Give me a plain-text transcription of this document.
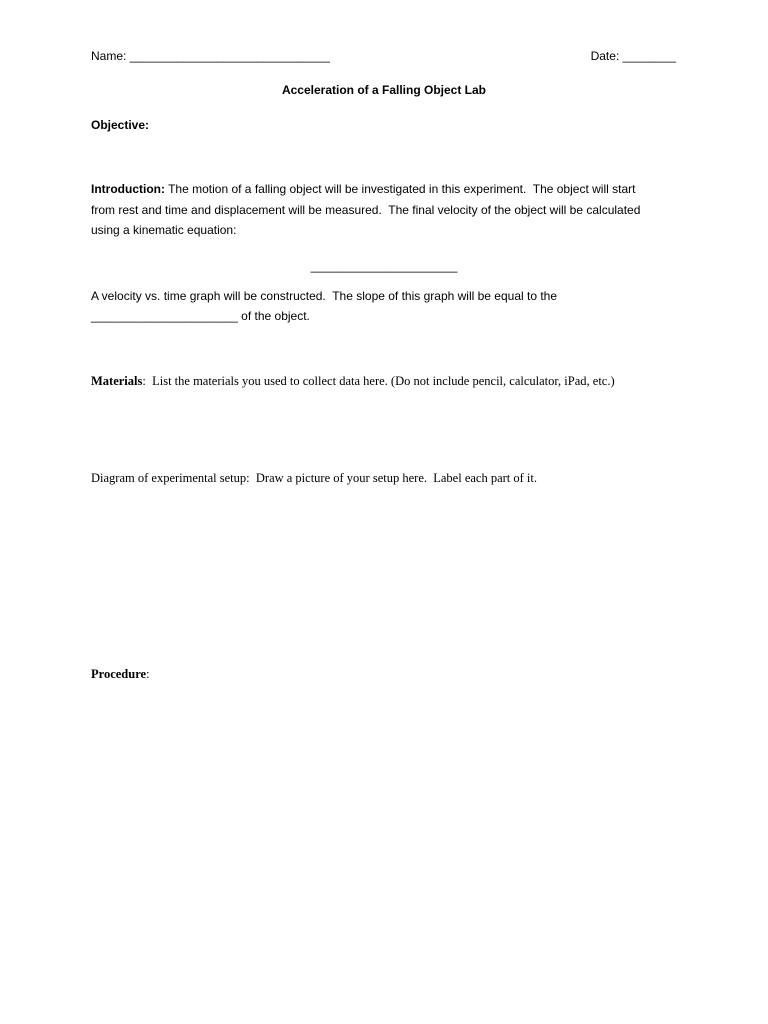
Name: ______________________________	Date: ________

Acceleration of a Falling Object Lab

Objective:

Introduction: The motion of a falling object will be investigated in this experiment.  The object will start

from rest and time and displacement will be measured.  The final velocity of the object will be calculated

using a kinematic equation:

______________________

A velocity vs. time graph will be constructed.  The slope of this graph will be equal to the

______________________ of the object.

Materials:  List the materials you used to collect data here. (Do not include pencil, calculator, iPad, etc.)

Diagram of experimental setup:  Draw a picture of your setup here.  Label each part of it.

Procedure:
